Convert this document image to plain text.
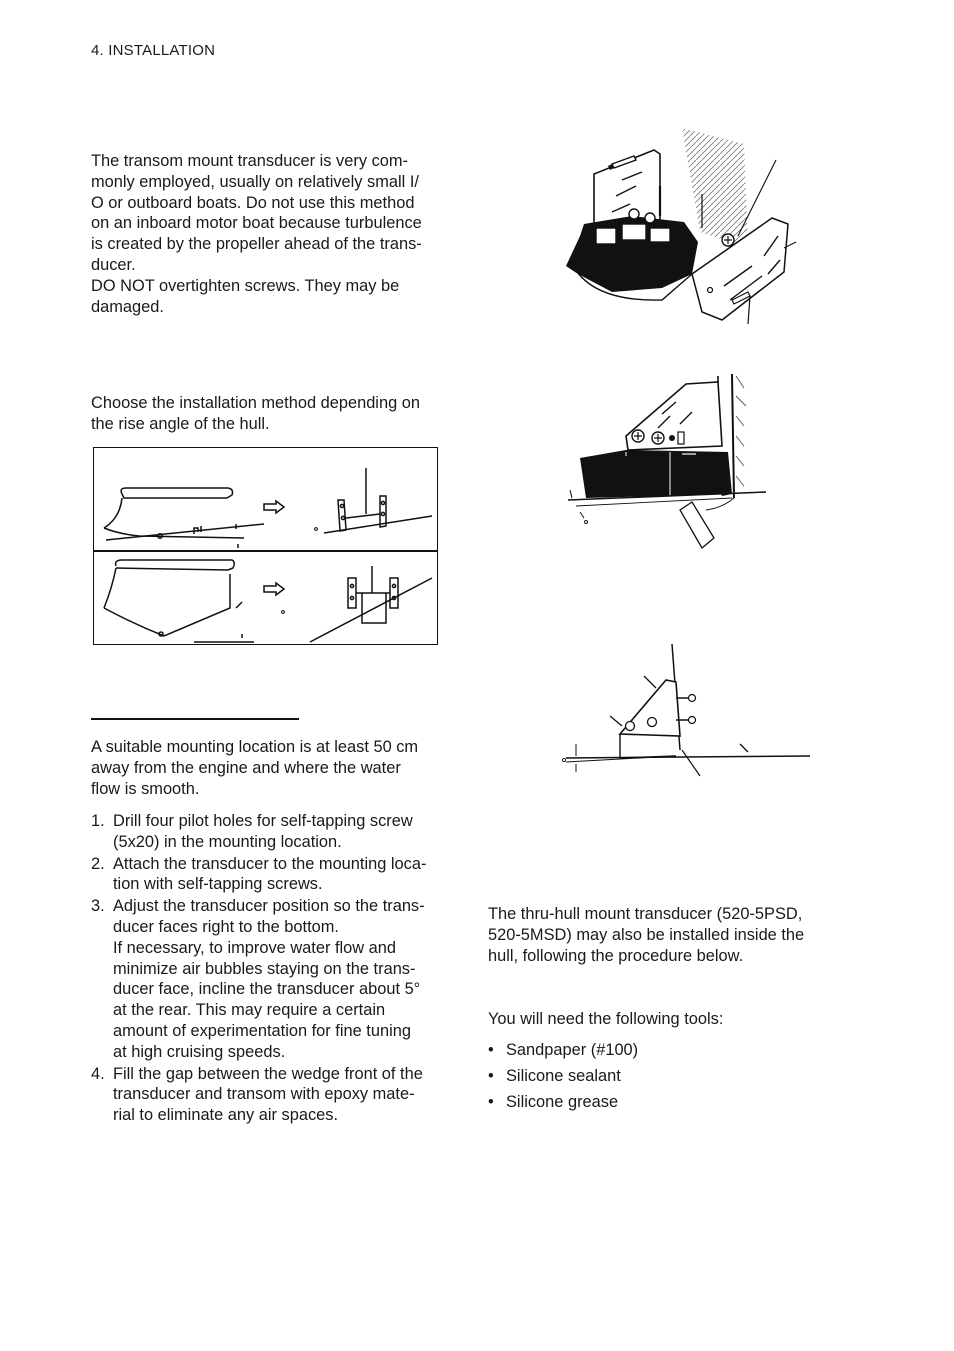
4. INSTALLATION

The transom mount transducer is very com-

monly employed, usually on relatively small I/

O or outboard boats. Do not use this method

on an inboard motor boat because turbulence

is created by the propeller ahead of the trans-

ducer.

DO NOT overtighten screws. They may be

damaged.

Choose the installation method depending on

the rise angle of the hull.

A suitable mounting location is at least 50 cm

away from the engine and where the water

flow is smooth.

1. Drill four pilot holes for self-tapping screw
(5x20) in the mounting location.
2. Attach the transducer to the mounting loca-
tion with self-tapping screws.
3. Adjust the transducer position so the trans-
ducer faces right to the bottom.
If necessary, to improve water flow and
minimize air bubbles staying on the trans-
ducer face, incline the transducer about 5°
at the rear. This may require a certain
amount of experimentation for fine tuning
at high cruising speeds.
4. Fill the gap between the wedge front of the
transducer and transom with epoxy mate-
rial to eliminate any air spaces.

The thru-hull mount transducer (520-5PSD,

520-5MSD) may also be installed inside the

hull, following the procedure below.

You will need the following tools:

• Sandpaper (#100)
• Silicone sealant
• Silicone grease
